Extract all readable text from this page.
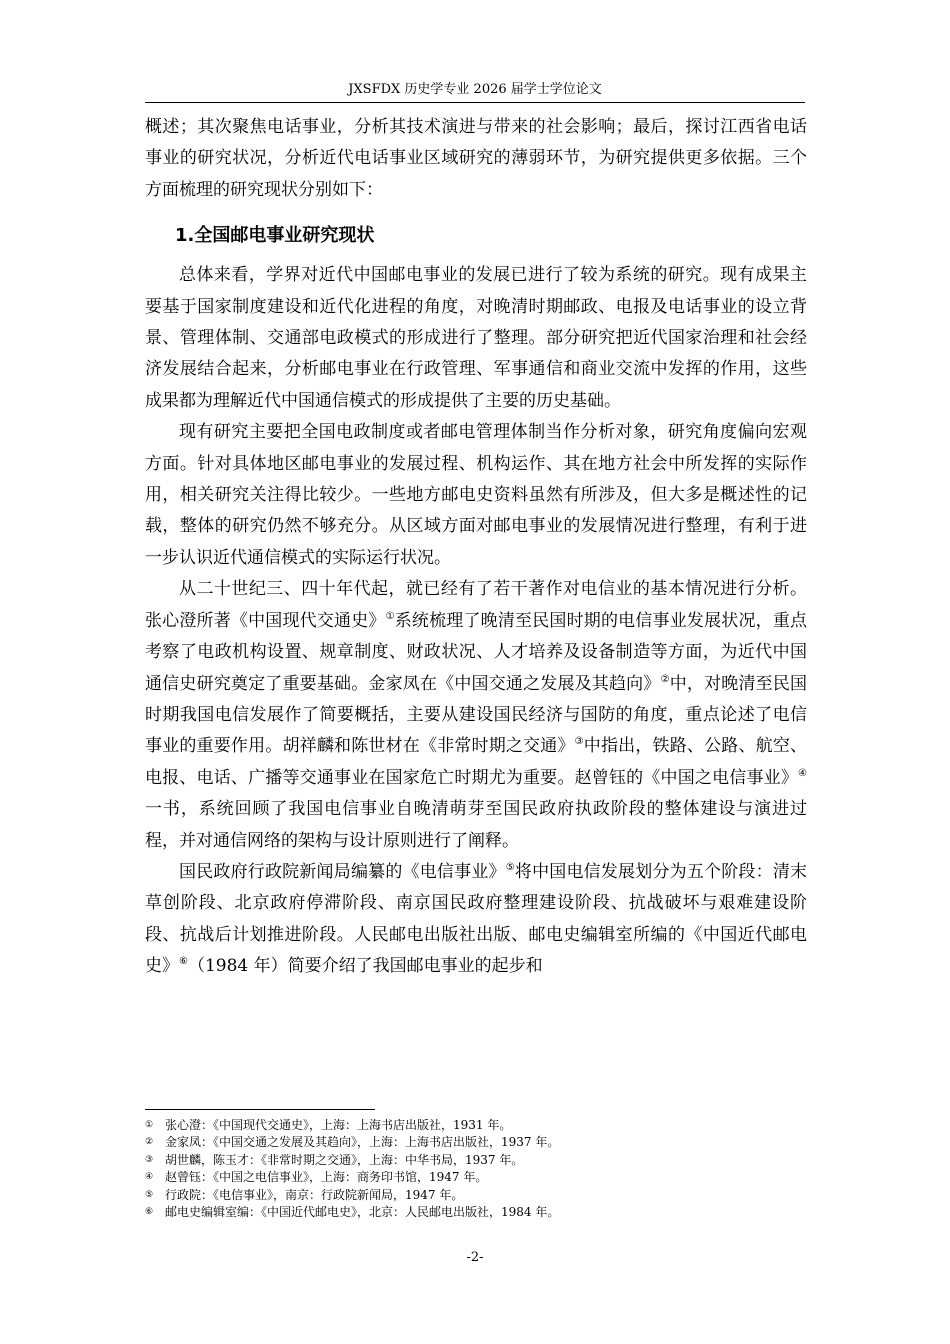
JXSFDX 历史学专业 2026 届学士学位论文

概述；其次聚焦电话事业，分析其技术演进与带来的社会影响；最后，探讨江西省电话事业的研究状况，分析近代电话事业区域研究的薄弱环节，为研究提供更多依据。三个方面梳理的研究现状分别如下：

1.全国邮电事业研究现状

总体来看，学界对近代中国邮电事业的发展已进行了较为系统的研究。现有成果主要基于国家制度建设和近代化进程的角度，对晚清时期邮政、电报及电话事业的设立背景、管理体制、交通部电政模式的形成进行了整理。部分研究把近代国家治理和社会经济发展结合起来，分析邮电事业在行政管理、军事通信和商业交流中发挥的作用，这些成果都为理解近代中国通信模式的形成提供了主要的历史基础。

现有研究主要把全国电政制度或者邮电管理体制当作分析对象，研究角度偏向宏观方面。针对具体地区邮电事业的发展过程、机构运作、其在地方社会中所发挥的实际作用，相关研究关注得比较少。一些地方邮电史资料虽然有所涉及，但大多是概述性的记载，整体的研究仍然不够充分。从区域方面对邮电事业的发展情况进行整理，有利于进一步认识近代通信模式的实际运行状况。

从二十世纪三、四十年代起，就已经有了若干著作对电信业的基本情况进行分析。张心澄所著《中国现代交通史》①系统梳理了晚清至民国时期的电信事业发展状况，重点考察了电政机构设置、规章制度、财政状况、人才培养及设备制造等方面，为近代中国通信史研究奠定了重要基础。金家凤在《中国交通之发展及其趋向》②中，对晚清至民国时期我国电信发展作了简要概括，主要从建设国民经济与国防的角度，重点论述了电信事业的重要作用。胡祥麟和陈世材在《非常时期之交通》③中指出，铁路、公路、航空、电报、电话、广播等交通事业在国家危亡时期尤为重要。赵曾钰的《中国之电信事业》④一书，系统回顾了我国电信事业自晚清萌芽至国民政府执政阶段的整体建设与演进过程，并对通信网络的架构与设计原则进行了阐释。

国民政府行政院新闻局编纂的《电信事业》⑤将中国电信发展划分为五个阶段：清末草创阶段、北京政府停滞阶段、南京国民政府整理建设阶段、抗战破坏与艰难建设阶段、抗战后计划推进阶段。人民邮电出版社出版、邮电史编辑室所编的《中国近代邮电史》⑥（1984 年）简要介绍了我国邮电事业的起步和

① 张心澄：《中国现代交通史》，上海：上海书店出版社，1931 年。
② 金家凤：《中国交通之发展及其趋向》，上海：上海书店出版社，1937 年。
③ 胡世麟，陈玉才：《非常时期之交通》，上海：中华书局，1937 年。
④ 赵曾钰：《中国之电信事业》，上海：商务印书馆，1947 年。
⑤ 行政院：《电信事业》，南京：行政院新闻局，1947 年。
⑥ 邮电史编辑室编：《中国近代邮电史》，北京：人民邮电出版社，1984 年。
-2-
